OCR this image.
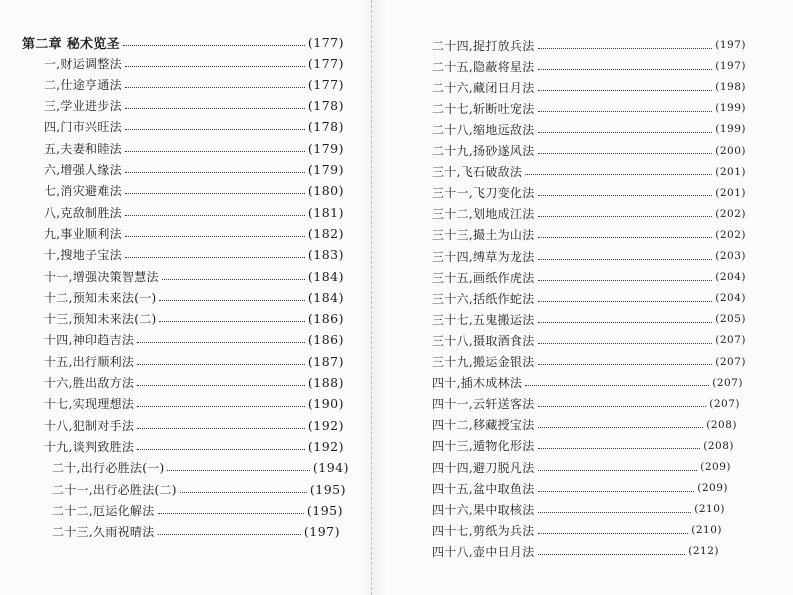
第二章 秘术览圣	(177)
一,财运调整法	(177)
二,仕途亨通法	(177)
三,学业进步法	(178)
四,门市兴旺法	(178)
五,夫妻和睦法	(179)
六,增强人缘法	(179)
七,消灾避难法	(180)
八,克敌制胜法	(181)
九,事业顺利法	(182)
十,搜地子宝法	(183)
十一,增强决策智慧法	(184)
十二,预知未来法(一)	(184)
十三,预知未来法(二)	(186)
十四,神印趋吉法	(186)
十五,出行顺利法	(187)
十六,胜出敌方法	(188)
十七,实现理想法	(190)
十八,犯制对手法	(192)
十九,谈判致胜法	(192)
二十,出行必胜法(一)	(194)
二十一,出行必胜法(二)	(195)
二十二,厄运化解法	(195)
二十三,久雨祝晴法	(197)
二十四,捉打放兵法	(197)
二十五,隐蔽将星法	(197)
二十六,藏闭日月法	(198)
二十七,斩断吐宠法	(199)
二十八,缩地远敌法	(199)
二十九,扬砂遂风法	(200)
三十,飞石破敌法	(201)
三十一,飞刀变化法	(201)
三十二,划地成江法	(202)
三十三,撮土为山法	(202)
三十四,缚草为龙法	(203)
三十五,画纸作虎法	(204)
三十六,括纸作蛇法	(204)
三十七,五鬼搬运法	(205)
三十八,摄取酒食法	(207)
三十九,搬运金银法	(207)
四十,插木成林法	(207)
四十一,云轩送客法	(207)
四十二,移藏授宝法	(208)
四十三,遁物化形法	(208)
四十四,避刀脱凡法	(209)
四十五,盆中取鱼法	(209)
四十六,果中取核法	(210)
四十七,剪纸为兵法	(210)
四十八,壶中日月法	(212)
